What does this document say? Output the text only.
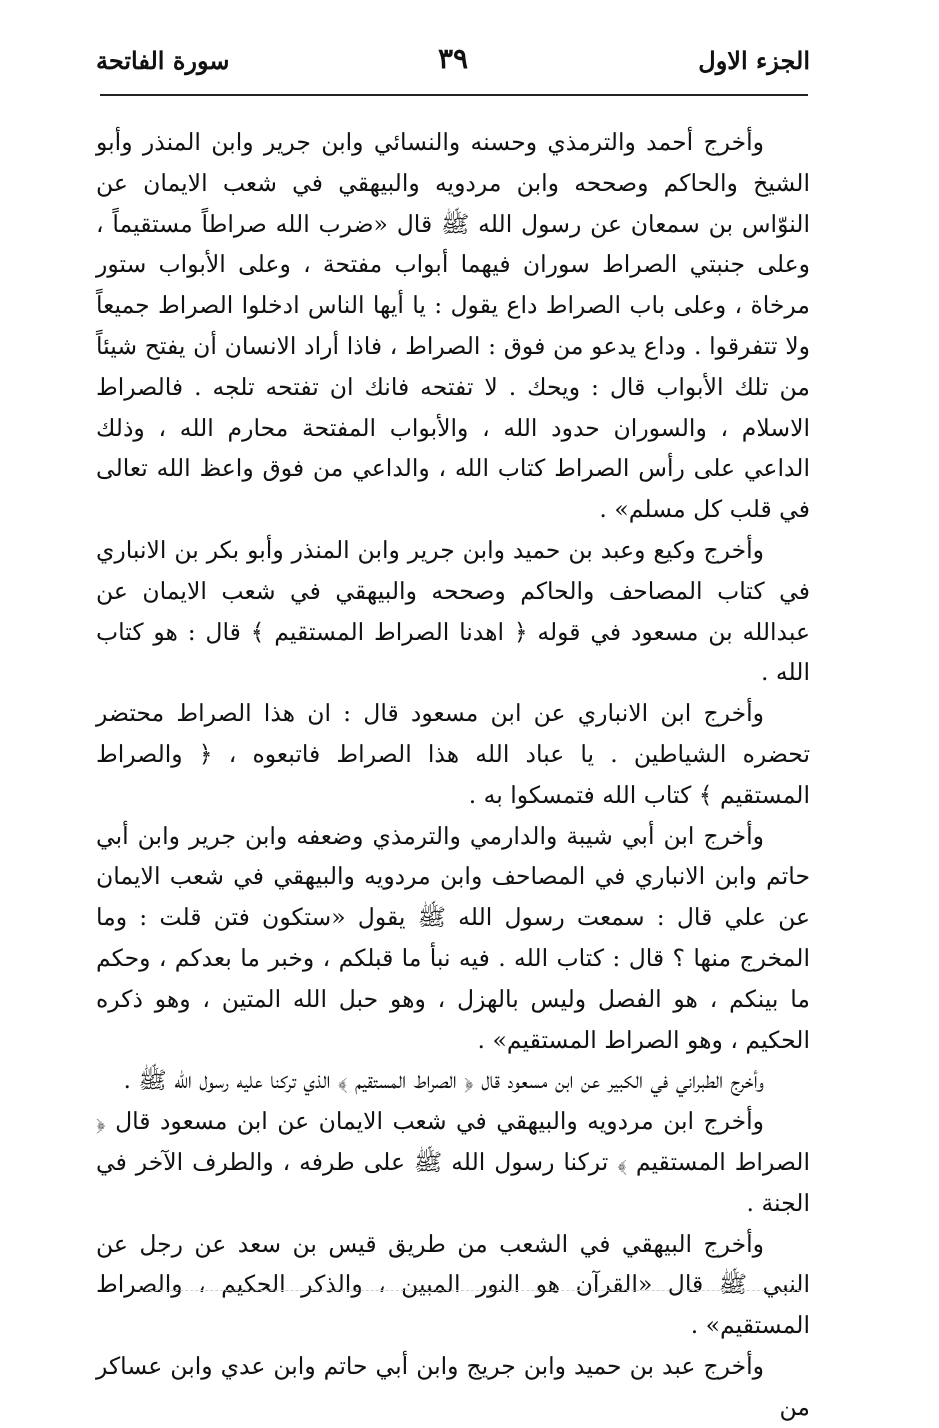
الجزء الاول
٣٩
سورة الفاتحة

وأخرج أحمد والترمذي وحسنه والنسائي وابن جرير وابن المنذر وأبو الشيخ والحاكم وصححه وابن مردويه والبيهقي في شعب الايمان عن النوّاس بن سمعان عن رسول الله ﷺ قال «ضرب الله صراطاً مستقيماً ، وعلى جنبتي الصراط سوران فيهما أبواب مفتحة ، وعلى الأبواب ستور مرخاة ، وعلى باب الصراط داع يقول : يا أيها الناس ادخلوا الصراط جميعاً ولا تتفرقوا . وداع يدعو من فوق : الصراط ، فاذا أراد الانسان أن يفتح شيئاً من تلك الأبواب قال : ويحك . لا تفتحه فانك ان تفتحه تلجه . فالصراط الاسلام ، والسوران حدود الله ، والأبواب المفتحة محارم الله ، وذلك الداعي على رأس الصراط كتاب الله ، والداعي من فوق واعظ الله تعالى في قلب كل مسلم» .

وأخرج وكيع وعبد بن حميد وابن جرير وابن المنذر وأبو بكر بن الانباري في كتاب المصاحف والحاكم وصححه والبيهقي في شعب الايمان عن عبدالله بن مسعود في قوله ﴿ اهدنا الصراط المستقيم ﴾ قال : هو كتاب الله .

وأخرج ابن الانباري عن ابن مسعود قال : ان هذا الصراط محتضر تحضره الشياطين . يا عباد الله هذا الصراط فاتبعوه ، ﴿ والصراط المستقيم ﴾ كتاب الله فتمسكوا به .

وأخرج ابن أبي شيبة والدارمي والترمذي وضعفه وابن جرير وابن أبي حاتم وابن الانباري في المصاحف وابن مردويه والبيهقي في شعب الايمان عن علي قال : سمعت رسول الله ﷺ يقول «ستكون فتن قلت : وما المخرج منها ؟ قال : كتاب الله . فيه نبأ ما قبلكم ، وخبر ما بعدكم ، وحكم ما بينكم ، هو الفصل وليس بالهزل ، وهو حبل الله المتين ، وهو ذكره الحكيم ، وهو الصراط المستقيم» .

وأخرج الطبراني في الكبير عن ابن مسعود قال ﴿ الصراط المستقيم ﴾ الذي تركنا عليه رسول الله ﷺ .

وأخرج ابن مردويه والبيهقي في شعب الايمان عن ابن مسعود قال ﴿ الصراط المستقيم ﴾ تركنا رسول الله ﷺ على طرفه ، والطرف الآخر في الجنة .

وأخرج البيهقي في الشعب من طريق قيس بن سعد عن رجل عن النبي ﷺ قال «القرآن هو النور المبين ، والذكر الحكيم ، والصراط المستقيم» .

وأخرج عبد بن حميد وابن جريج وابن أبي حاتم وابن عدي وابن عساكر من
